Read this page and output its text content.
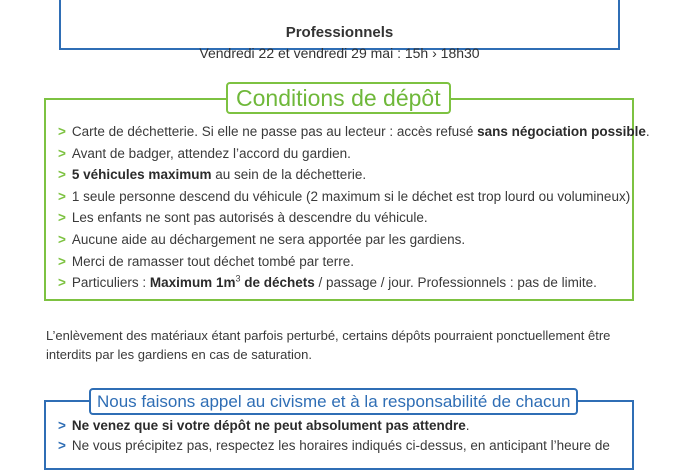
Professionnels
Vendredi 22 et vendredi 29 mai : 15h › 18h30
Conditions de dépôt
> Carte de déchetterie. Si elle ne passe pas au lecteur : accès refusé sans négociation possible.
> Avant de badger, attendez l’accord du gardien.
> 5 véhicules maximum au sein de la déchetterie.
> 1 seule personne descend du véhicule (2 maximum si le déchet est trop lourd ou volumineux)
> Les enfants ne sont pas autorisés à descendre du véhicule.
> Aucune aide au déchargement ne sera apportée par les gardiens.
> Merci de ramasser tout déchet tombé par terre.
> Particuliers : Maximum $1m^3$ de déchets / passage / jour. Professionnels : pas de limite.
L’enlèvement des matériaux étant parfois perturbé, certains dépôts pourraient ponctuellement être interdits par les gardiens en cas de saturation.
Nous faisons appel au civisme et à la responsabilité de chacun
> Ne venez que si votre dépôt ne peut absolument pas attendre.
> Ne vous précipitez pas, respectez les horaires indiqués ci-dessus, en anticipant l’heure de
